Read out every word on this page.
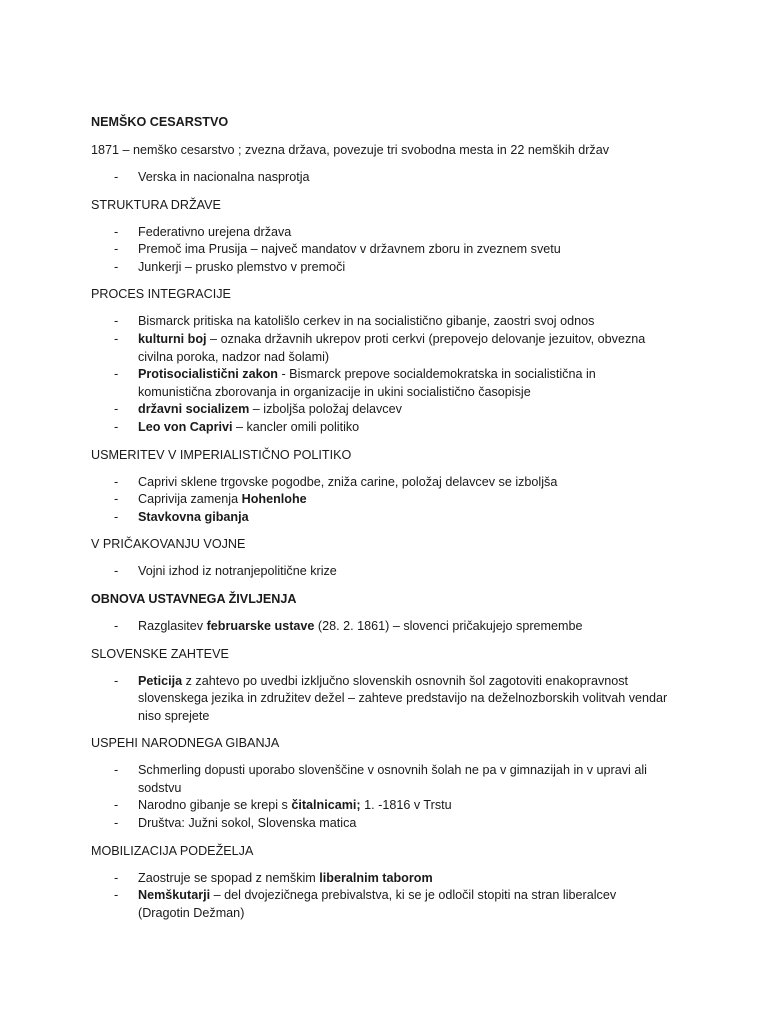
NEMŠKO CESARSTVO

1871 – nemško cesarstvo ; zvezna država, povezuje tri svobodna mesta in 22 nemških držav

- Verska in nacionalna nasprotja

STRUKTURA DRŽAVE

- Federativno urejena država
- Premoč ima Prusija – največ mandatov v državnem zboru in zveznem svetu
- Junkerji – prusko plemstvo v premoči

PROCES INTEGRACIJE

- Bismarck pritiska na katolišlo cerkev in na socialistično gibanje, zaostri svoj odnos
- kulturni boj – oznaka državnih ukrepov proti cerkvi (prepovejo delovanje jezuitov, obvezna civilna poroka, nadzor nad šolami)
- Protisocialistični zakon - Bismarck prepove socialdemokratska in socialistična in komunistična zborovanja in organizacije in ukini socialistično časopisje
- državni socializem – izboljša položaj delavcev
- Leo von Caprivi – kancler omili politiko

USMERITEV V IMPERIALISTIČNO POLITIKO

- Caprivi sklene trgovske pogodbe, zniža carine, položaj delavcev se izboljša
- Caprivija zamenja Hohenlohe
- Stavkovna gibanja

V PRIČAKOVANJU VOJNE

- Vojni izhod iz notranjepolitične krize

OBNOVA USTAVNEGA ŽIVLJENJA

- Razglasitev februarske ustave (28. 2. 1861) – slovenci pričakujejo spremembe

SLOVENSKE ZAHTEVE

- Peticija z zahtevo po uvedbi izključno slovenskih osnovnih šol zagotoviti enakopravnost slovenskega jezika in združitev dežel – zahteve predstavijo na deželnozborskih volitvah vendar niso sprejete

USPEHI NARODNEGA GIBANJA

- Schmerling dopusti uporabo slovenščine v osnovnih šolah ne pa v gimnazijah in v upravi ali sodstvu
- Narodno gibanje se krepi s čitalnicami; 1. -1816 v Trstu
- Društva: Južni sokol, Slovenska matica

MOBILIZACIJA PODEŽELJA

- Zaostruje se spopad z nemškim liberalnim taborom
- Nemškutarji – del dvojezičnega prebivalstva, ki se je odločil stopiti na stran liberalcev (Dragotin Dežman)
